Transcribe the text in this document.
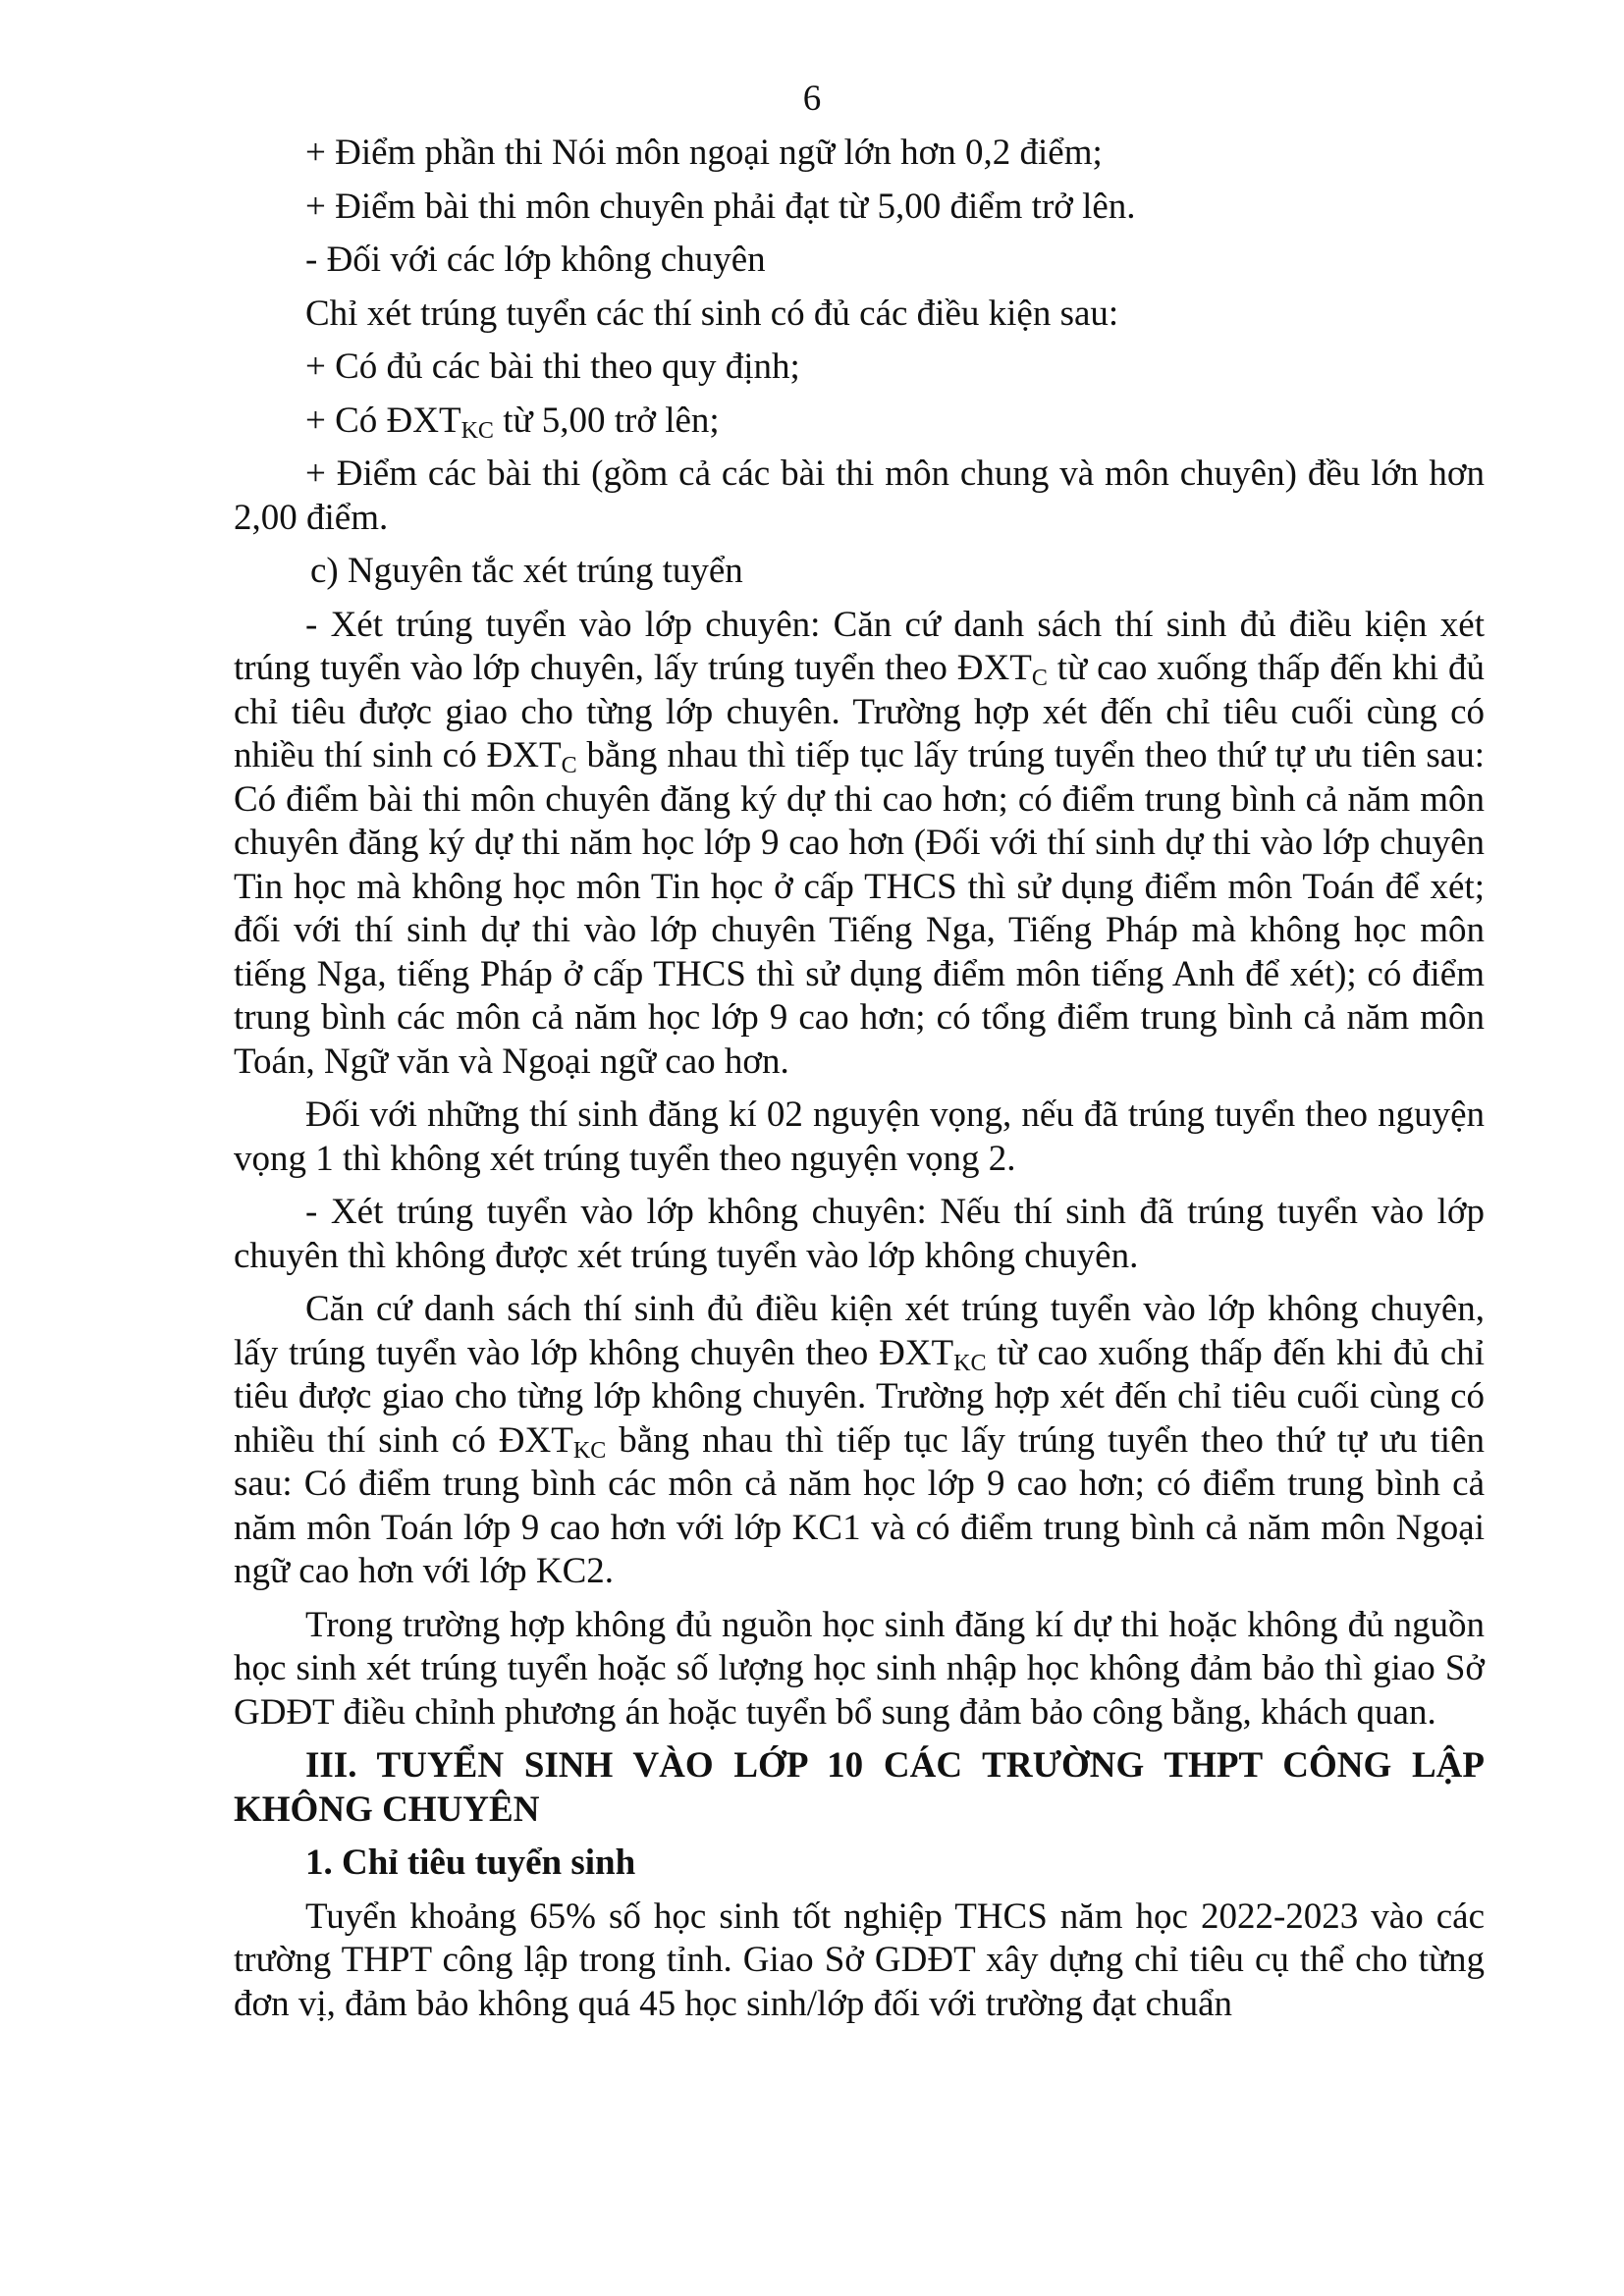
6

+ Điểm phần thi Nói môn ngoại ngữ lớn hơn 0,2 điểm;

+ Điểm bài thi môn chuyên phải đạt từ 5,00 điểm trở lên.

- Đối với các lớp không chuyên

Chỉ xét trúng tuyển các thí sinh có đủ các điều kiện sau:

+ Có đủ các bài thi theo quy định;

+ Có $ĐXT_{KC}$ từ 5,00 trở lên;

+ Điểm các bài thi (gồm cả các bài thi môn chung và môn chuyên) đều lớn hơn 2,00 điểm.

c) Nguyên tắc xét trúng tuyển

- Xét trúng tuyển vào lớp chuyên: Căn cứ danh sách thí sinh đủ điều kiện xét trúng tuyển vào lớp chuyên, lấy trúng tuyển theo $ĐXT_C$ từ cao xuống thấp đến khi đủ chỉ tiêu được giao cho từng lớp chuyên. Trường hợp xét đến chỉ tiêu cuối cùng có nhiều thí sinh có $ĐXT_C$ bằng nhau thì tiếp tục lấy trúng tuyển theo thứ tự ưu tiên sau: Có điểm bài thi môn chuyên đăng ký dự thi cao hơn; có điểm trung bình cả năm môn chuyên đăng ký dự thi năm học lớp 9 cao hơn (Đối với thí sinh dự thi vào lớp chuyên Tin học mà không học môn Tin học ở cấp THCS thì sử dụng điểm môn Toán để xét; đối với thí sinh dự thi vào lớp chuyên Tiếng Nga, Tiếng Pháp mà không học môn tiếng Nga, tiếng Pháp ở cấp THCS thì sử dụng điểm môn tiếng Anh để xét); có điểm trung bình các môn cả năm học lớp 9 cao hơn; có tổng điểm trung bình cả năm môn Toán, Ngữ văn và Ngoại ngữ cao hơn.

Đối với những thí sinh đăng kí 02 nguyện vọng, nếu đã trúng tuyển theo nguyện vọng 1 thì không xét trúng tuyển theo nguyện vọng 2.

- Xét trúng tuyển vào lớp không chuyên: Nếu thí sinh đã trúng tuyển vào lớp chuyên thì không được xét trúng tuyển vào lớp không chuyên.

Căn cứ danh sách thí sinh đủ điều kiện xét trúng tuyển vào lớp không chuyên, lấy trúng tuyển vào lớp không chuyên theo $ĐXT_{KC}$ từ cao xuống thấp đến khi đủ chỉ tiêu được giao cho từng lớp không chuyên. Trường hợp xét đến chỉ tiêu cuối cùng có nhiều thí sinh có $ĐXT_{KC}$ bằng nhau thì tiếp tục lấy trúng tuyển theo thứ tự ưu tiên sau: Có điểm trung bình các môn cả năm học lớp 9 cao hơn; có điểm trung bình cả năm môn Toán lớp 9 cao hơn với lớp KC1 và có điểm trung bình cả năm môn Ngoại ngữ cao hơn với lớp KC2.

Trong trường hợp không đủ nguồn học sinh đăng kí dự thi hoặc không đủ nguồn học sinh xét trúng tuyển hoặc số lượng học sinh nhập học không đảm bảo thì giao Sở GDĐT điều chỉnh phương án hoặc tuyển bổ sung đảm bảo công bằng, khách quan.

III. TUYỂN SINH VÀO LỚP 10 CÁC TRƯỜNG THPT CÔNG LẬP KHÔNG CHUYÊN

1. Chỉ tiêu tuyển sinh

Tuyển khoảng 65% số học sinh tốt nghiệp THCS năm học 2022-2023 vào các trường THPT công lập trong tỉnh. Giao Sở GDĐT xây dựng chỉ tiêu cụ thể cho từng đơn vị, đảm bảo không quá 45 học sinh/lớp đối với trường đạt chuẩn
